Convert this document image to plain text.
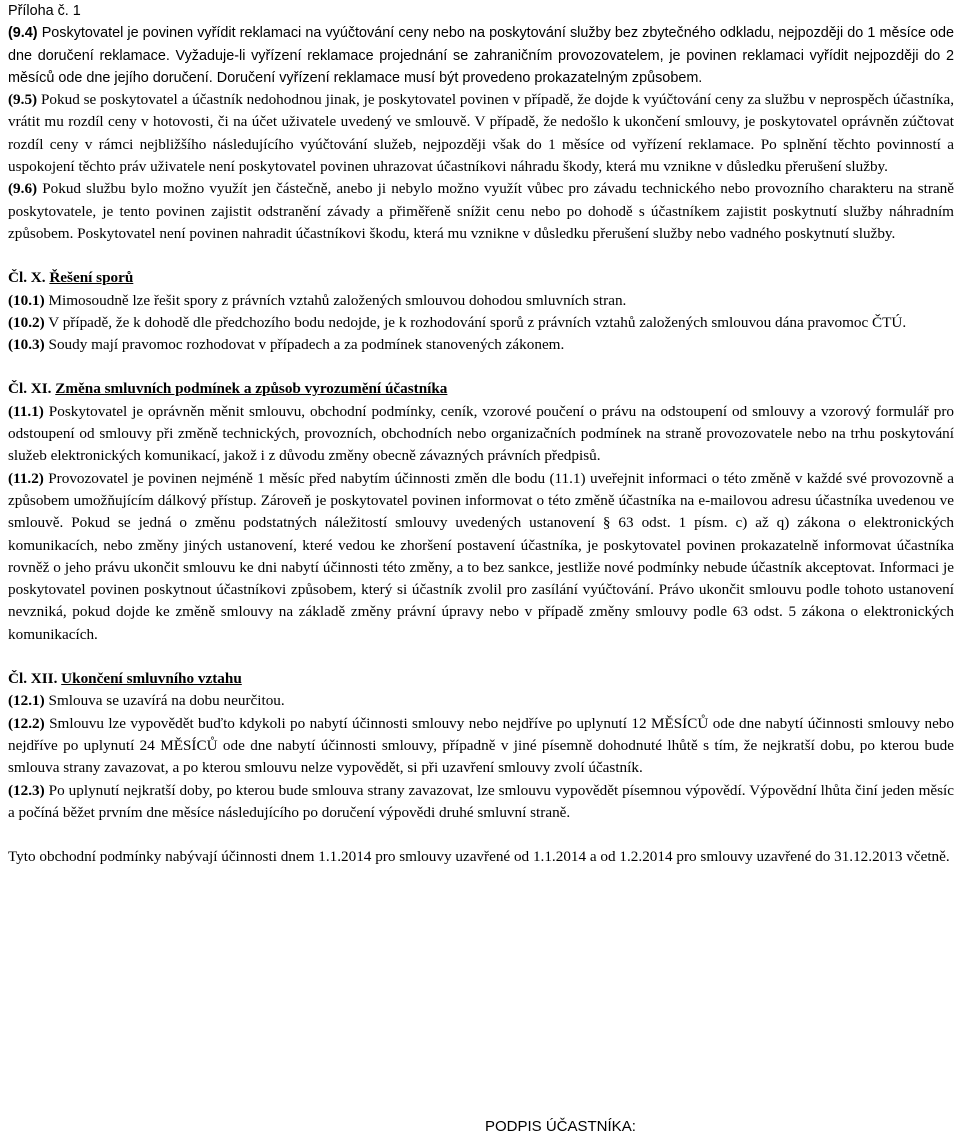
Příloha č. 1

(9.4) Poskytovatel je povinen vyřídit reklamaci na vyúčtování ceny nebo na poskytování služby bez zbytečného odkladu, nejpozději do 1 měsíce ode dne doručení reklamace. Vyžaduje-li vyřízení reklamace projednání se zahraničním provozovatelem, je povinen reklamaci vyřídit nejpozději do 2 měsíců ode dne jejího doručení. Doručení vyřízení reklamace musí být provedeno prokazatelným způsobem.

(9.5) Pokud se poskytovatel a účastník nedohodnou jinak, je poskytovatel povinen v případě, že dojde k vyúčtování ceny za službu v neprospěch účastníka, vrátit mu rozdíl ceny v hotovosti, či na účet uživatele uvedený ve smlouvě. V případě, že nedošlo k ukončení smlouvy, je poskytovatel oprávněn zúčtovat rozdíl ceny v rámci nejbližšího následujícího vyúčtování služeb, nejpozději však do 1 měsíce od vyřízení reklamace. Po splnění těchto povinností a uspokojení těchto práv uživatele není poskytovatel povinen uhrazovat účastníkovi náhradu škody, která mu vznikne v důsledku přerušení služby.

(9.6) Pokud službu bylo možno využít jen částečně, anebo ji nebylo možno využít vůbec pro závadu technického nebo provozního charakteru na straně poskytovatele, je tento povinen zajistit odstranění závady a přiměřeně snížit cenu nebo po dohodě s účastníkem zajistit poskytnutí služby náhradním způsobem. Poskytovatel není povinen nahradit účastníkovi škodu, která mu vznikne v důsledku přerušení služby nebo vadného poskytnutí služby.

Čl. X. Řešení sporů

(10.1) Mimosoudně lze řešit spory z právních vztahů založených smlouvou dohodou smluvních stran.

(10.2) V případě, že k dohodě dle předchozího bodu nedojde, je k rozhodování sporů z právních vztahů založených smlouvou dána pravomoc ČTÚ.

(10.3) Soudy mají pravomoc rozhodovat v případech a za podmínek stanovených zákonem.

Čl. XI. Změna smluvních podmínek a způsob vyrozumění účastníka

(11.1) Poskytovatel je oprávněn měnit smlouvu, obchodní podmínky, ceník, vzorové poučení o právu na odstoupení od smlouvy a vzorový formulář pro odstoupení od smlouvy při změně technických, provozních, obchodních nebo organizačních podmínek na straně provozovatele nebo na trhu poskytování služeb elektronických komunikací, jakož i z důvodu změny obecně závazných právních předpisů.

(11.2) Provozovatel je povinen nejméně 1 měsíc před nabytím účinnosti změn dle bodu (11.1) uveřejnit informaci o této změně v každé své provozovně a způsobem umožňujícím dálkový přístup. Zároveň je poskytovatel povinen informovat o této změně účastníka na e-mailovou adresu účastníka uvedenou ve smlouvě. Pokud se jedná o změnu podstatných náležitostí smlouvy uvedených ustanovení § 63 odst. 1 písm. c) až q) zákona o elektronických komunikacích, nebo změny jiných ustanovení, které vedou ke zhoršení postavení účastníka, je poskytovatel povinen prokazatelně informovat účastníka rovněž o jeho právu ukončit smlouvu ke dni nabytí účinnosti této změny, a to bez sankce, jestliže nové podmínky nebude účastník akceptovat. Informaci je poskytovatel povinen poskytnout účastníkovi způsobem, který si účastník zvolil pro zasílání vyúčtování. Právo ukončit smlouvu podle tohoto ustanovení nevzniká, pokud dojde ke změně smlouvy na základě změny právní úpravy nebo v případě změny smlouvy podle 63 odst. 5 zákona o elektronických komunikacích.

Čl. XII. Ukončení smluvního vztahu

(12.1) Smlouva se uzavírá na dobu neurčitou.

(12.2) Smlouvu lze vypovědět buďto kdykoli po nabytí účinnosti smlouvy nebo nejdříve po uplynutí 12 MĚSÍCŮ ode dne nabytí účinnosti smlouvy nebo nejdříve po uplynutí 24 MĚSÍCŮ ode dne nabytí účinnosti smlouvy, případně v jiné písemně dohodnuté lhůtě s tím, že nejkratší dobu, po kterou bude smlouva strany zavazovat, a po kterou smlouvu nelze vypovědět, si při uzavření smlouvy zvolí účastník.

(12.3) Po uplynutí nejkratší doby, po kterou bude smlouva strany zavazovat, lze smlouvu vypovědět písemnou výpovědí. Výpovědní lhůta činí jeden měsíc a počíná běžet prvním dne měsíce následujícího po doručení výpovědi druhé smluvní straně.

Tyto obchodní podmínky nabývají účinnosti dnem 1.1.2014 pro smlouvy uzavřené od 1.1.2014 a od 1.2.2014 pro smlouvy uzavřené do 31.12.2013 včetně.

PODPIS ÚČASTNÍKA:
